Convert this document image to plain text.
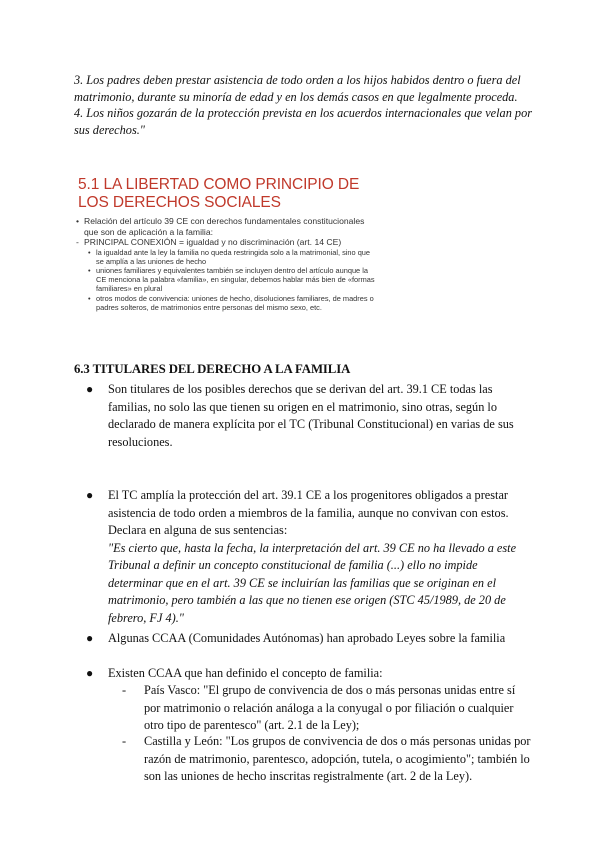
3. Los padres deben prestar asistencia de todo orden a los hijos habidos dentro o fuera del matrimonio, durante su minoría de edad y en los demás casos en que legalmente proceda.

4. Los niños gozarán de la protección prevista en los acuerdos internacionales que velan por sus derechos."

5.1 LA LIBERTAD COMO PRINCIPIO DE LOS DERECHOS SOCIALES
• Relación del artículo 39 CE con derechos fundamentales constitucionales que son de aplicación a la familia:
- PRINCIPAL CONEXIÓN = igualdad y no discriminación (art. 14 CE)
• la igualdad ante la ley la familia no queda restringida solo a la matrimonial, sino que se amplía a las uniones de hecho
• uniones familiares y equivalentes también se incluyen dentro del artículo aunque la CE menciona la palabra «familia», en singular, debemos hablar más bien de «formas familiares» en plural
• otros modos de convivencia: uniones de hecho, disoluciones familiares, de madres o padres solteros, de matrimonios entre personas del mismo sexo, etc.
6.3 TITULARES DEL DERECHO A LA FAMILIA
●	Son titulares de los posibles derechos que se derivan del art. 39.1 CE todas las familias, no solo las que tienen su origen en el matrimonio, sino otras, según lo declarado de manera explícita por el TC (Tribunal Constitucional) en varias de sus resoluciones.
●	El TC amplía la protección del art. 39.1 CE a los progenitores obligados a prestar asistencia de todo orden a miembros de la familia, aunque no convivan con estos. Declara en alguna de sus sentencias:
"Es cierto que, hasta la fecha, la interpretación del art. 39 CE no ha llevado a este Tribunal a definir un concepto constitucional de familia (...) ello no impide determinar que en el art. 39 CE se incluirían las familias que se originan en el matrimonio, pero también a las que no tienen ese origen (STC 45/1989, de 20 de febrero, FJ 4)."
●	Algunas CCAA (Comunidades Autónomas) han aprobado Leyes sobre la familia
●	Existen CCAA que han definido el concepto de familia:
- País Vasco: "El grupo de convivencia de dos o más personas unidas entre sí por matrimonio o relación análoga a la conyugal o por filiación o cualquier otro tipo de parentesco" (art. 2.1 de la Ley);
- Castilla y León: "Los grupos de convivencia de dos o más personas unidas por razón de matrimonio, parentesco, adopción, tutela, o acogimiento"; también lo son las uniones de hecho inscritas registralmente (art. 2 de la Ley).
